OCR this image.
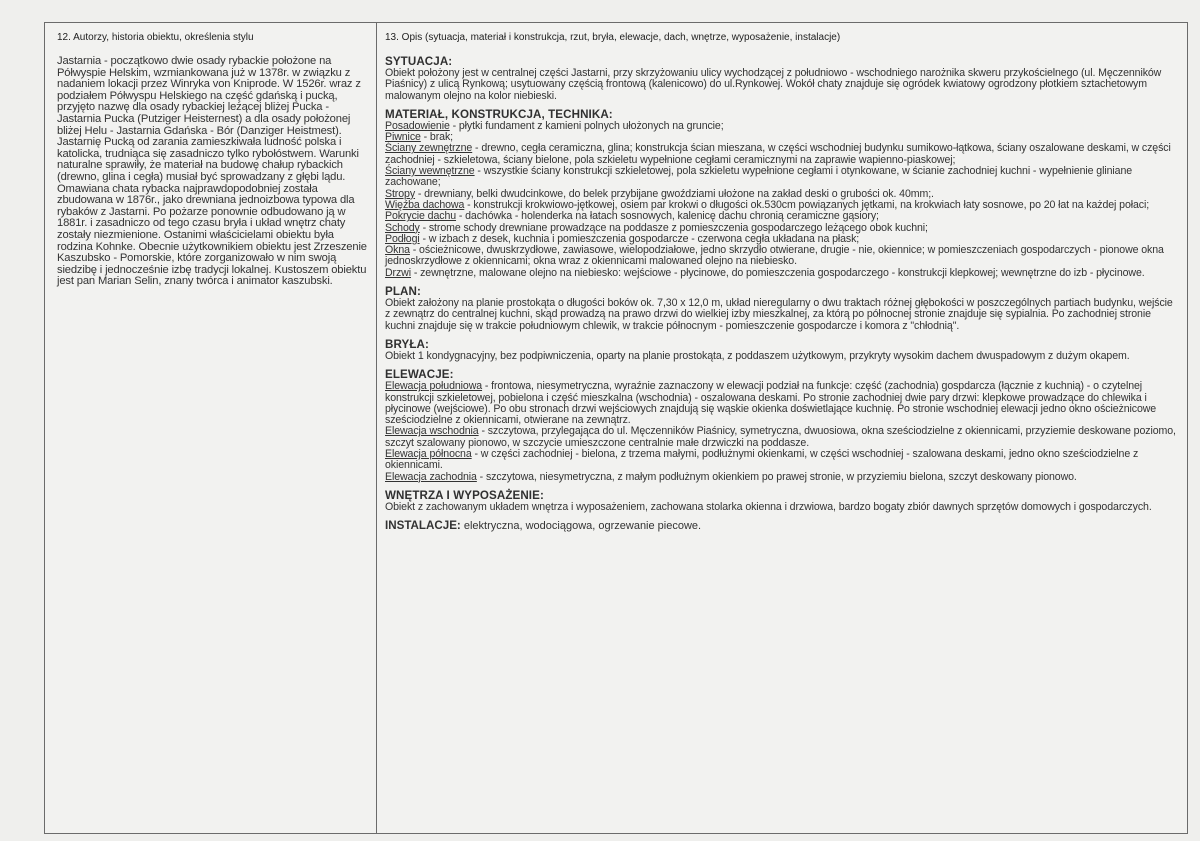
12. Autorzy, historia obiektu, określenia stylu

Jastarnia - początkowo dwie osady rybackie położone na Półwyspie Helskim, wzmiankowana już w 1378r. w związku z nadaniem lokacji przez Winryka von Kniprode. W 1526r. wraz z podziałem Półwyspu Helskiego na część gdańską i pucką, przyjęto nazwę dla osady rybackiej leżącej bliżej Pucka - Jastarnia Pucka (Putziger Heisternest) a dla osady położonej bliżej Helu - Jastarnia Gdańska - Bór (Danziger Heistmest). Jastarnię Pucką od zarania zamieszkiwała ludność polska i katolicka, trudniąca się zasadniczo tylko rybołóstwem. Warunki naturalne sprawiły, że materiał na budowę chałup rybackich (drewno, glina i cegła) musiał być sprowadzany z głębi lądu.

Omawiana chata rybacka najprawdopodobniej została zbudowana w 1876r., jako drewniana jednoizbowa typowa dla rybaków z Jastarni. Po pożarze ponownie odbudowano ją w 1881r. i zasadniczo od tego czasu bryła i układ wnętrz chaty zostały niezmienione. Ostanimi właścicielami obiektu była rodzina Kohnke. Obecnie użytkownikiem obiektu jest Zrzeszenie Kaszubsko - Pomorskie, które zorganizowało w nim swoją siedzibę i jednocześnie izbę tradycji lokalnej. Kustoszem obiektu jest pan Marian Selin, znany twórca i animator kaszubski.

13. Opis (sytuacja, materiał i konstrukcja, rzut, bryła, elewacje, dach, wnętrze, wyposażenie, instalacje)
SYTUACJA:
Obiekt położony jest w centralnej części Jastarni, przy skrzyżowaniu ulicy wychodzącej z południowo - wschodniego narożnika skweru przykościelnego (ul. Męczenników Piaśnicy) z ulicą Rynkową; usytuowany częścią frontową (kalenicowo) do ul.Rynkowej. Wokół chaty znajduje się ogródek kwiatowy ogrodzony płotkiem sztachetowym malowanym olejno na kolor niebieski.
MATERIAŁ, KONSTRUKCJA, TECHNIKA:

Posadowienie - płytki fundament z kamieni polnych ułożonych na gruncie;

Piwnice - brak;

Ściany zewnętrzne - drewno, cegła ceramiczna, glina; konstrukcja ścian mieszana, w części wschodniej budynku sumikowo-łątkowa, ściany oszalowane deskami, w części zachodniej - szkieletowa, ściany bielone, pola szkieletu wypełnione cegłami ceramicznymi na zaprawie wapienno-piaskowej;

Ściany wewnętrzne - wszystkie ściany konstrukcji szkieletowej, pola szkieletu wypełnione cegłami i otynkowane, w ścianie zachodniej kuchni - wypełnienie gliniane zachowane;

Stropy - drewniany, belki dwudcinkowe, do belek przybijane gwoździami ułożone na zakład deski o grubości ok. 40mm;.

Więźba dachowa - konstrukcji krokwiowo-jętkowej, osiem par krokwi o długości ok.530cm powiązanych jętkami, na krokwiach łaty sosnowe, po 20 łat na każdej połaci;

Pokrycie dachu - dachówka - holenderka na łatach sosnowych, kalenicę dachu chronią ceramiczne gąsiory;

Schody - strome schody drewniane prowadzące na poddasze z pomieszczenia gospodarczego leżącego obok kuchni;

Podłogi - w izbach z desek, kuchnia i pomieszczenia gospodarcze - czerwona cegła układana na płask;

Okna - ościeżnicowe, dwuskrzydłowe, zawiasowe, wielopodziałowe, jedno skrzydło otwierane, drugie - nie, okiennice; w pomieszczeniach gospodarczych - pionowe okna jednoskrzydłowe z okiennicami; okna wraz z okiennicami malowaned olejno na niebiesko.

Drzwi - zewnętrzne, malowane olejno na niebiesko: wejściowe - płycinowe, do pomieszczenia gospodarczego - konstrukcji klepkowej; wewnętrzne do izb - płycinowe.

PLAN:
Obiekt założony na planie prostokąta o długości boków ok. 7,30 x 12,0 m, układ nieregularny o dwu traktach różnej głębokości w poszczególnych partiach budynku, wejście z zewnątrz do centralnej kuchni, skąd prowadzą na prawo drzwi do wielkiej izby mieszkalnej, za którą po północnej stronie znajduje się sypialnia. Po zachodniej stronie kuchni znajduje się w trakcie południowym chlewik, w trakcie północnym - pomieszczenie gospodarcze i komora z "chłodnią".
BRYŁA:
Obiekt 1 kondygnacyjny, bez podpiwniczenia, oparty na planie prostokąta, z poddaszem użytkowym, przykryty wysokim dachem dwuspadowym z dużym okapem.
ELEWACJE:

Elewacja południowa - frontowa, niesymetryczna, wyraźnie zaznaczony w elewacji podział na funkcje: część (zachodnia) gospdarcza (łącznie z kuchnią) - o czytelnej konstrukcji szkieletowej, pobielona i część mieszkalna (wschodnia) - oszalowana deskami. Po stronie zachodniej dwie pary drzwi: klepkowe prowadzące do chlewika i płycinowe (wejściowe). Po obu stronach drzwi wejściowych znajdują się wąskie okienka doświetlające kuchnię. Po stronie wschodniej elewacji jedno okno ościeżnicowe sześciodzielne z okiennicami, otwierane na zewnątrz.

Elewacja wschodnia - szczytowa, przylegająca do ul. Męczenników Piaśnicy, symetryczna, dwuosiowa, okna sześciodzielne z okiennicami, przyziemie deskowane poziomo, szczyt szalowany pionowo, w szczycie umieszczone centralnie małe drzwiczki na poddasze.

Elewacja północna - w części zachodniej - bielona, z trzema małymi, podłużnymi okienkami, w części wschodniej - szalowana deskami, jedno okno sześciodzielne z okiennicami.

Elewacja zachodnia - szczytowa, niesymetryczna, z małym podłużnym okienkiem po prawej stronie, w przyziemiu bielona, szczyt deskowany pionowo.

WNĘTRZA I WYPOSAŻENIE:
Obiekt z zachowanym układem wnętrza i wyposażeniem, zachowana stolarka okienna i drzwiowa, bardzo bogaty zbiór dawnych sprzętów domowych i gospodarczych.
INSTALACJE: elektryczna, wodociągowa, ogrzewanie piecowe.
